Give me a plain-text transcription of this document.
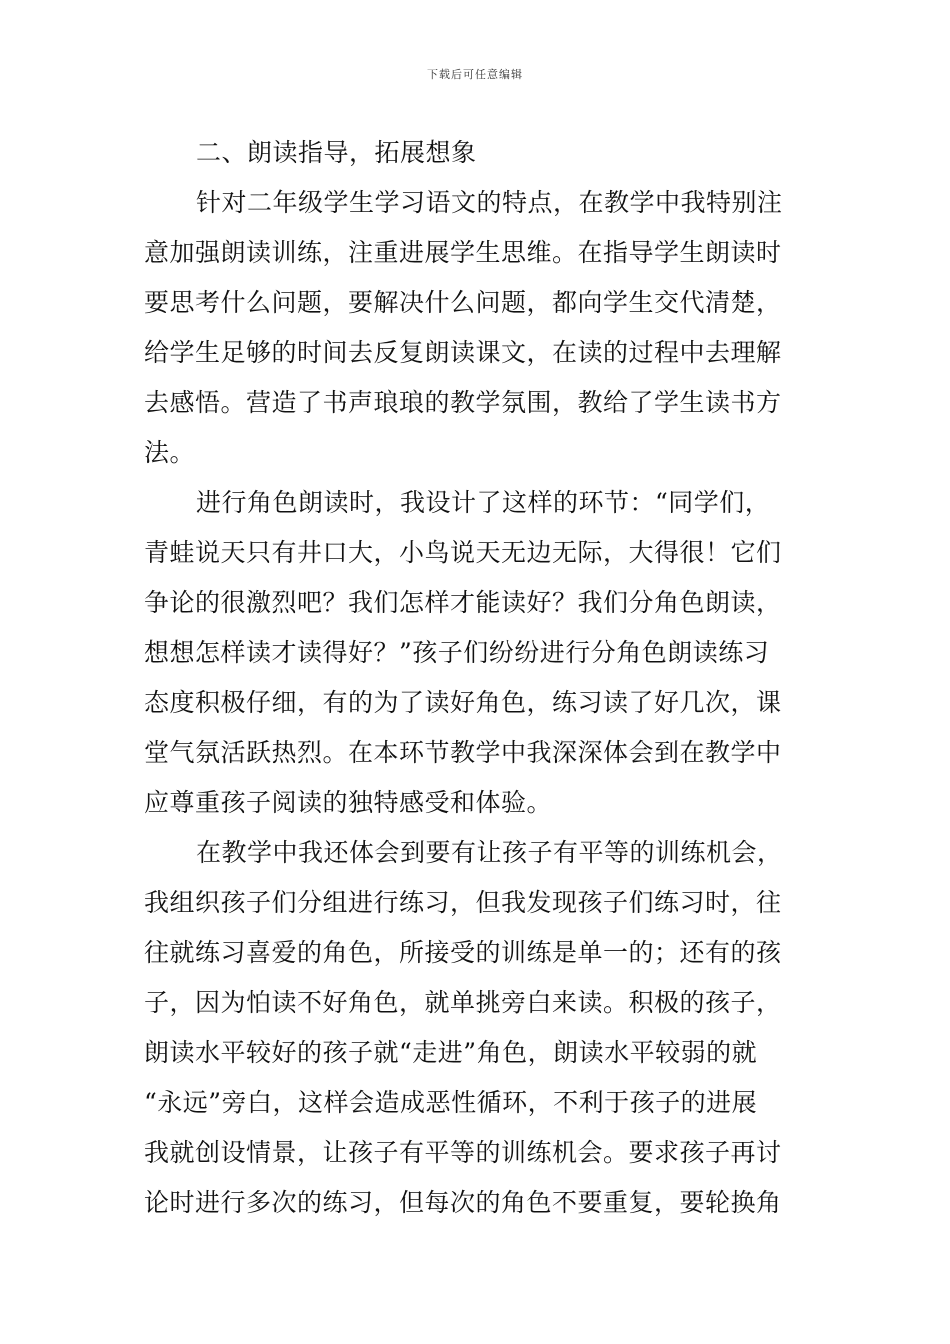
下载后可任意编辑
二、朗读指导，拓展想象
针对二年级学生学习语文的特点，在教学中我特别注
意加强朗读训练，注重进展学生思维。在指导学生朗读时
要思考什么问题，要解决什么问题，都向学生交代清楚，
给学生足够的时间去反复朗读课文，在读的过程中去理解
去感悟。营造了书声琅琅的教学氛围，教给了学生读书方
法。
进行角色朗读时，我设计了这样的环节：“同学们，
青蛙说天只有井口大，小鸟说天无边无际，大得很！它们
争论的很激烈吧？我们怎样才能读好？我们分角色朗读，
想想怎样读才读得好？”孩子们纷纷进行分角色朗读练习
态度积极仔细，有的为了读好角色，练习读了好几次，课
堂气氛活跃热烈。在本环节教学中我深深体会到在教学中
应尊重孩子阅读的独特感受和体验。
在教学中我还体会到要有让孩子有平等的训练机会，
我组织孩子们分组进行练习，但我发现孩子们练习时，往
往就练习喜爱的角色，所接受的训练是单一的；还有的孩
子，因为怕读不好角色，就单挑旁白来读。积极的孩子，
朗读水平较好的孩子就“走进”角色，朗读水平较弱的就
“永远”旁白，这样会造成恶性循环，不利于孩子的进展
我就创设情景，让孩子有平等的训练机会。要求孩子再讨
论时进行多次的练习，但每次的角色不要重复，要轮换角
